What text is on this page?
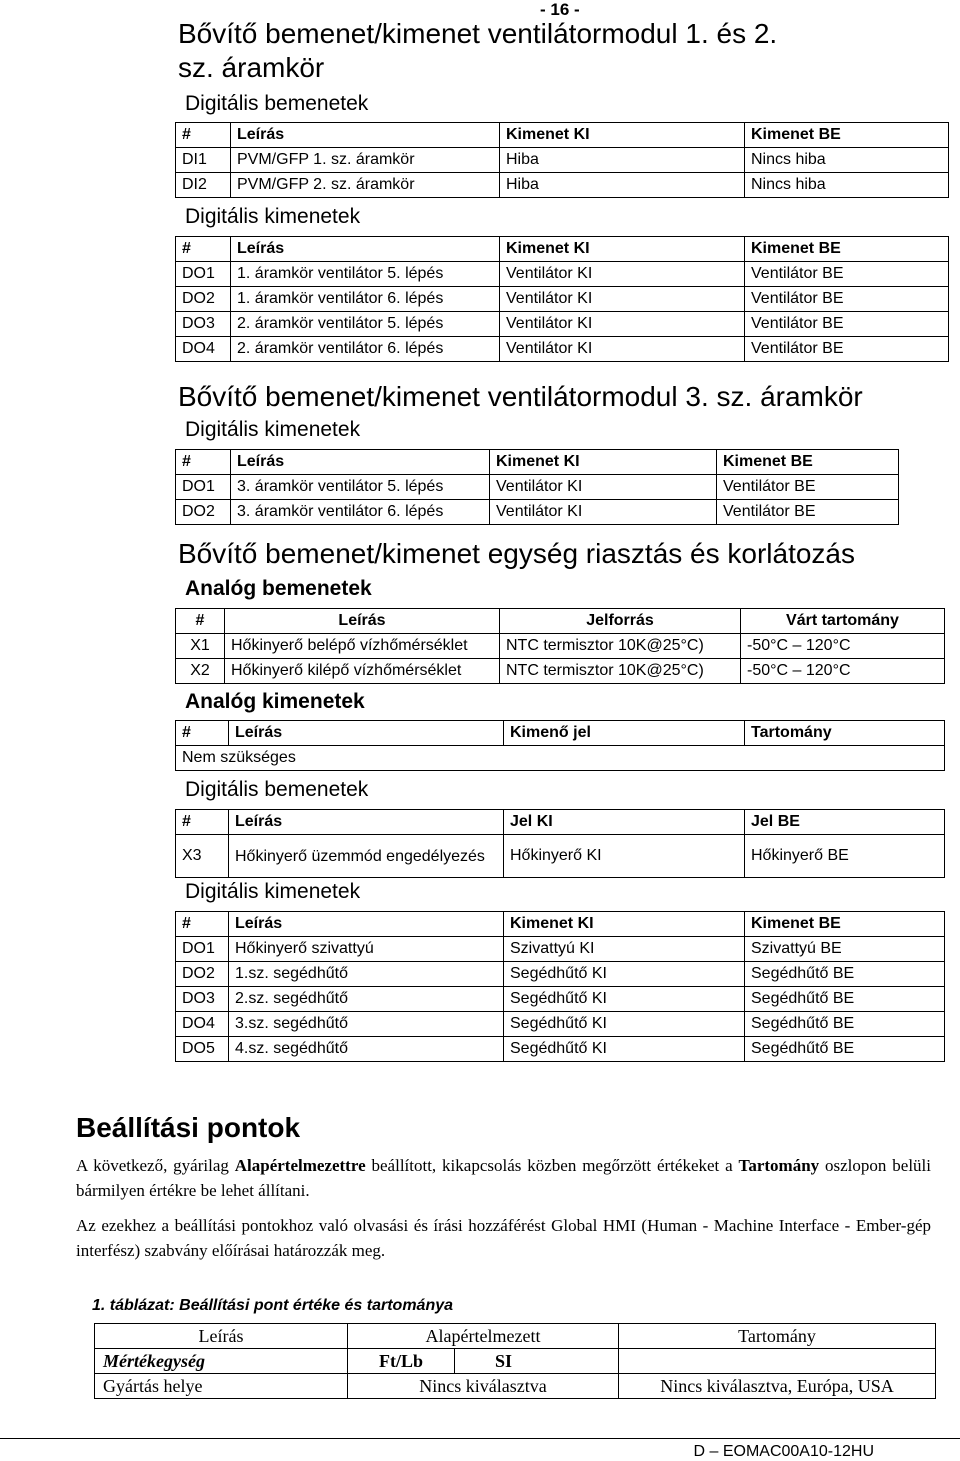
- 16 -
Bővítő bemenet/kimenet ventilátormodul 1. és 2. sz. áramkör
Digitális bemenetek
#	Leírás	Kimenet KI	Kimenet BE
DI1	PVM/GFP 1. sz. áramkör	Hiba	Nincs hiba
DI2	PVM/GFP 2. sz. áramkör	Hiba	Nincs hiba
Digitális kimenetek
#	Leírás	Kimenet KI	Kimenet BE
DO1	1. áramkör ventilátor 5. lépés	Ventilátor KI	Ventilátor BE
DO2	1. áramkör ventilátor 6. lépés	Ventilátor KI	Ventilátor BE
DO3	2. áramkör ventilátor 5. lépés	Ventilátor KI	Ventilátor BE
DO4	2. áramkör ventilátor 6. lépés	Ventilátor KI	Ventilátor BE
Bővítő bemenet/kimenet ventilátormodul 3. sz. áramkör
Digitális kimenetek
#	Leírás	Kimenet KI	Kimenet BE
DO1	3. áramkör ventilátor 5. lépés	Ventilátor KI	Ventilátor BE
DO2	3. áramkör ventilátor 6. lépés	Ventilátor KI	Ventilátor BE
Bővítő bemenet/kimenet egység riasztás és korlátozás
Analóg bemenetek
#	Leírás	Jelforrás	Várt tartomány
X1	Hőkinyerő belépő vízhőmérséklet	NTC termisztor 10K@25°C)	-50°C – 120°C
X2	Hőkinyerő kilépő vízhőmérséklet	NTC termisztor 10K@25°C)	-50°C – 120°C
Analóg kimenetek
#	Leírás	Kimenő jel	Tartomány
Nem szükséges
Digitális bemenetek
#	Leírás	Jel KI	Jel BE
X3	Hőkinyerő üzemmód engedélyezés	Hőkinyerő KI	Hőkinyerő BE
Digitális kimenetek
#	Leírás	Kimenet KI	Kimenet BE
DO1	Hőkinyerő szivattyú	Szivattyú KI	Szivattyú BE
DO2	1.sz. segédhűtő	Segédhűtő KI	Segédhűtő BE
DO3	2.sz. segédhűtő	Segédhűtő KI	Segédhűtő BE
DO4	3.sz. segédhűtő	Segédhűtő KI	Segédhűtő BE
DO5	4.sz. segédhűtő	Segédhűtő KI	Segédhűtő BE
Beállítási pontok
A következő, gyárilag Alapértelmezettre beállított, kikapcsolás közben megőrzött értékeket a Tartomány oszlopon belüli bármilyen értékre be lehet állítani.
Az ezekhez a beállítási pontokhoz való olvasási és írási hozzáférést Global HMI (Human - Machine Interface - Ember-gép interfész) szabvány előírásai határozzák meg.
1. táblázat: Beállítási pont értéke és tartománya
Leírás	Alapértelmezett		Tartomány
Mértékegység	Ft/Lb	SI	
Gyártás helye	Nincs kiválasztva		Nincs kiválasztva, Európa, USA
D – EOMAC00A10-12HU
